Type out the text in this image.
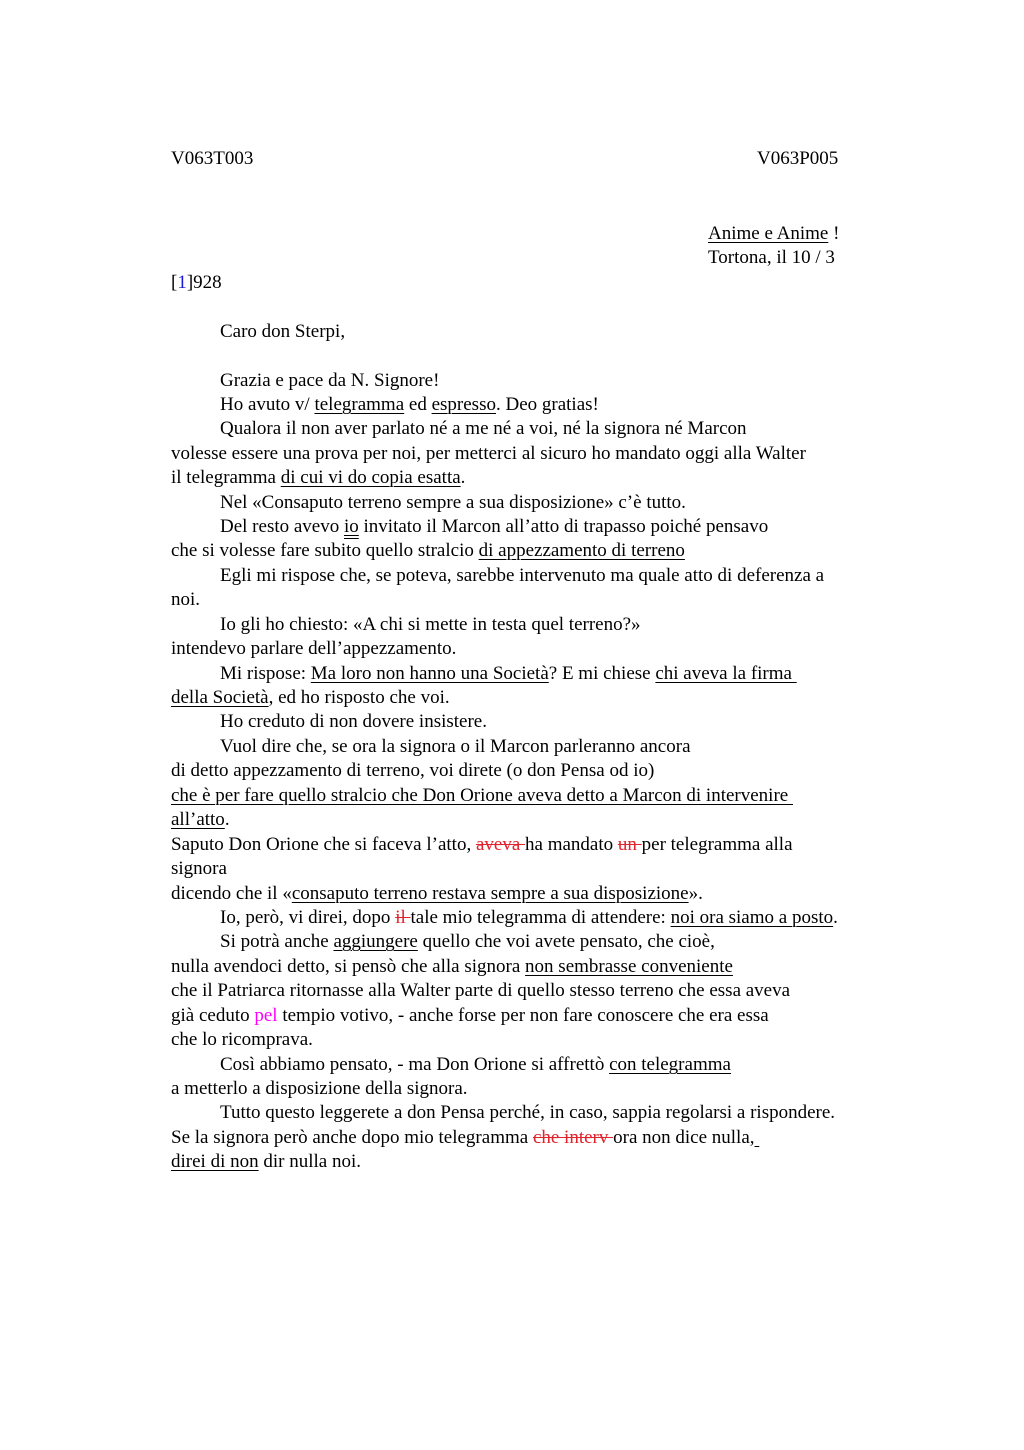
V063T003	V063P005
Anime e Anime !
Tortona, il 10 / 3
[1]928
Caro don Sterpi,
Grazia e pace da N. Signore!
Ho avuto v/ telegramma ed espresso. Deo gratias!
Qualora il non aver parlato né a me né a voi, né la signora né Marcon
volesse essere una prova per noi, per metterci al sicuro ho mandato oggi alla Walter
il telegramma di cui vi do copia esatta.
Nel «Consaputo terreno sempre a sua disposizione» c’è tutto.
Del resto avevo io invitato il Marcon all’atto di trapasso poiché pensavo
che si volesse fare subito quello stralcio di appezzamento di terreno
Egli mi rispose che, se poteva, sarebbe intervenuto ma quale atto di deferenza a
noi.
Io gli ho chiesto: «A chi si mette in testa quel terreno?»
intendevo parlare dell’appezzamento.
Mi rispose: Ma loro non hanno una Società? E mi chiese chi aveva la firma
della Società, ed ho risposto che voi.
Ho creduto di non dovere insistere.
Vuol dire che, se ora la signora o il Marcon parleranno ancora
di detto appezzamento di terreno, voi direte (o don Pensa od io)
che è per fare quello stralcio che Don Orione aveva detto a Marcon di intervenire
all’atto.
Saputo Don Orione che si faceva l’atto, aveva ha mandato un per telegramma alla
signora
dicendo che il «consaputo terreno restava sempre a sua disposizione».
Io, però, vi direi, dopo il tale mio telegramma di attendere: noi ora siamo a posto.
Si potrà anche aggiungere quello che voi avete pensato, che cioè,
nulla avendoci detto, si pensò che alla signora non sembrasse conveniente
che il Patriarca ritornasse alla Walter parte di quello stesso terreno che essa aveva
già ceduto pel tempio votivo, - anche forse per non fare conoscere che era essa
che lo ricomprava.
Così abbiamo pensato, - ma Don Orione si affrettò con telegramma
a metterlo a disposizione della signora.
Tutto questo leggerete a don Pensa perché, in caso, sappia regolarsi a rispondere.
Se la signora però anche dopo mio telegramma che interv ora non dice nulla,
direi di non dir nulla noi.
